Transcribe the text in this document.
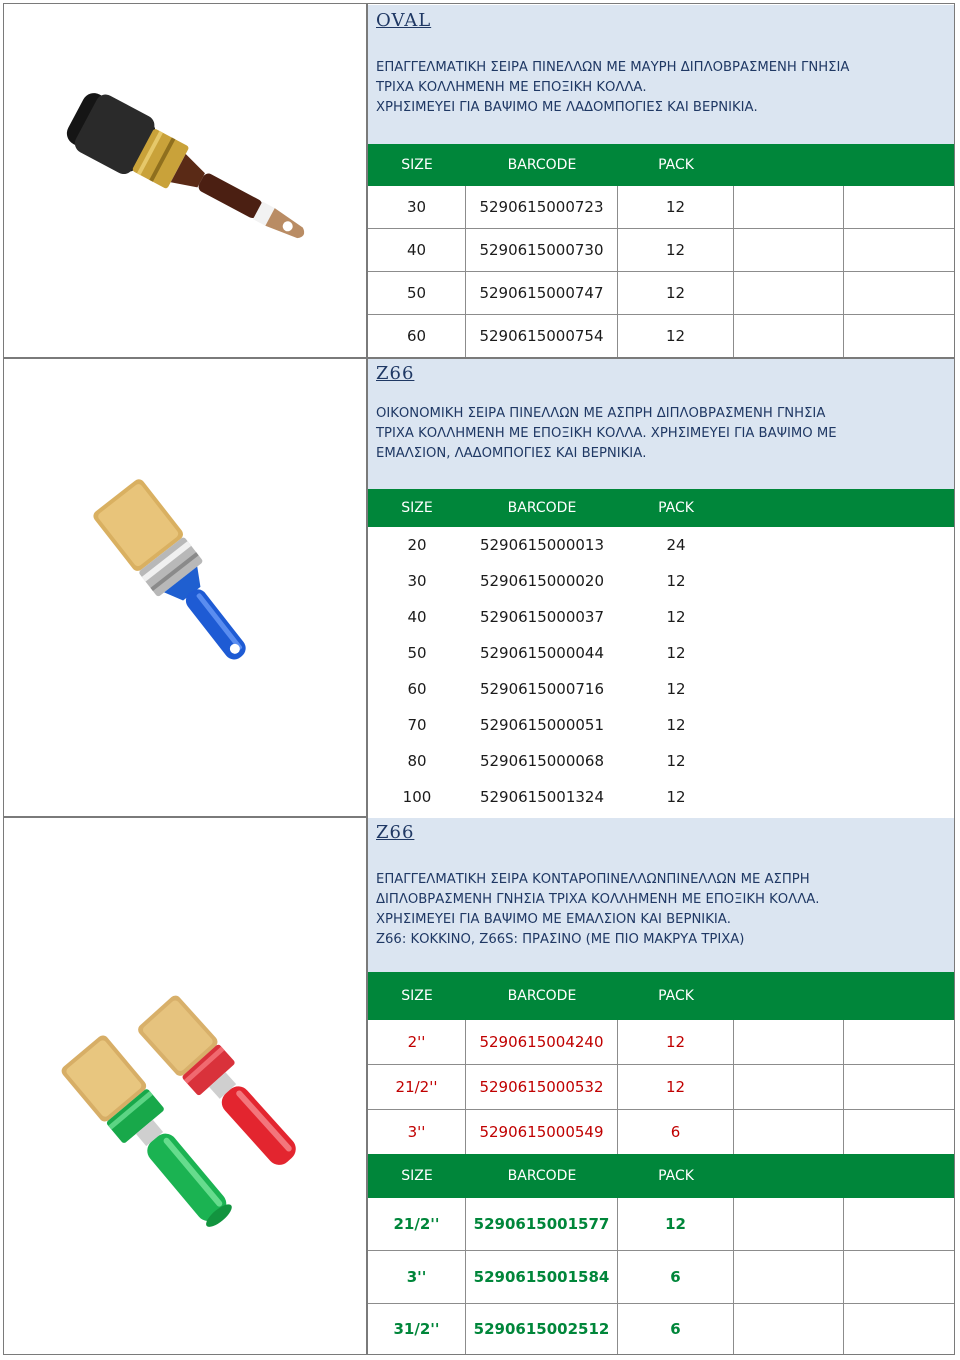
OVAL
ΕΠΑΓΓΕΛΜΑΤΙΚΗ ΣΕΙΡΑ ΠΙΝΕΛΛΩΝ ΜΕ ΜΑΥΡΗ ΔΙΠΛΟΒΡΑΣΜΕΝΗ ΓΝΗΣΙΑ
ΤΡΙΧΑ ΚΟΛΛΗΜΕΝΗ ΜΕ ΕΠΟΞΙΚΗ ΚΟΛΛΑ.
ΧΡΗΣΙΜΕΥΕΙ ΓΙΑ ΒΑΨΙΜΟ ΜΕ ΛΑΔΟΜΠΟΓΙΕΣ ΚΑΙ ΒΕΡΝΙΚΙΑ.
SIZE	BARCODE	PACK
30	5290615000723	12
40	5290615000730	12
50	5290615000747	12
60	5290615000754	12
Z66
ΟΙΚΟΝΟΜΙΚΗ ΣΕΙΡΑ ΠΙΝΕΛΛΩΝ ΜΕ ΑΣΠΡΗ ΔΙΠΛΟΒΡΑΣΜΕΝΗ ΓΝΗΣΙΑ
ΤΡΙΧΑ ΚΟΛΛΗΜΕΝΗ ΜΕ ΕΠΟΞΙΚΗ ΚΟΛΛΑ. ΧΡΗΣΙΜΕΥΕΙ ΓΙΑ ΒΑΨΙΜΟ ΜΕ
ΕΜΑΛΣΙΟΝ, ΛΑΔΟΜΠΟΓΙΕΣ ΚΑΙ ΒΕΡΝΙΚΙΑ.
SIZE	BARCODE	PACK
20	5290615000013	24
30	5290615000020	12
40	5290615000037	12
50	5290615000044	12
60	5290615000716	12
70	5290615000051	12
80	5290615000068	12
100	5290615001324	12
Z66
ΕΠΑΓΓΕΛΜΑΤΙΚΗ ΣΕΙΡΑ ΚΟΝΤΑΡΟΠΙΝΕΛΛΩΝΠΙΝΕΛΛΩΝ ΜΕ ΑΣΠΡΗ
ΔΙΠΛΟΒΡΑΣΜΕΝΗ ΓΝΗΣΙΑ ΤΡΙΧΑ ΚΟΛΛΗΜΕΝΗ ΜΕ ΕΠΟΞΙΚΗ ΚΟΛΛΑ.
ΧΡΗΣΙΜΕΥΕΙ ΓΙΑ ΒΑΨΙΜΟ ΜΕ ΕΜΑΛΣΙΟΝ ΚΑΙ ΒΕΡΝΙΚΙΑ.
Z66: ΚΟΚΚΙΝΟ, Z66S: ΠΡΑΣΙΝΟ (ΜΕ ΠΙΟ ΜΑΚΡΥΑ ΤΡΙΧΑ)
SIZE	BARCODE	PACK
2''	5290615004240	12
21/2''	5290615000532	12
3''	5290615000549	6
SIZE	BARCODE	PACK
21/2''	5290615001577	12
3''	5290615001584	6
31/2''	5290615002512	6
